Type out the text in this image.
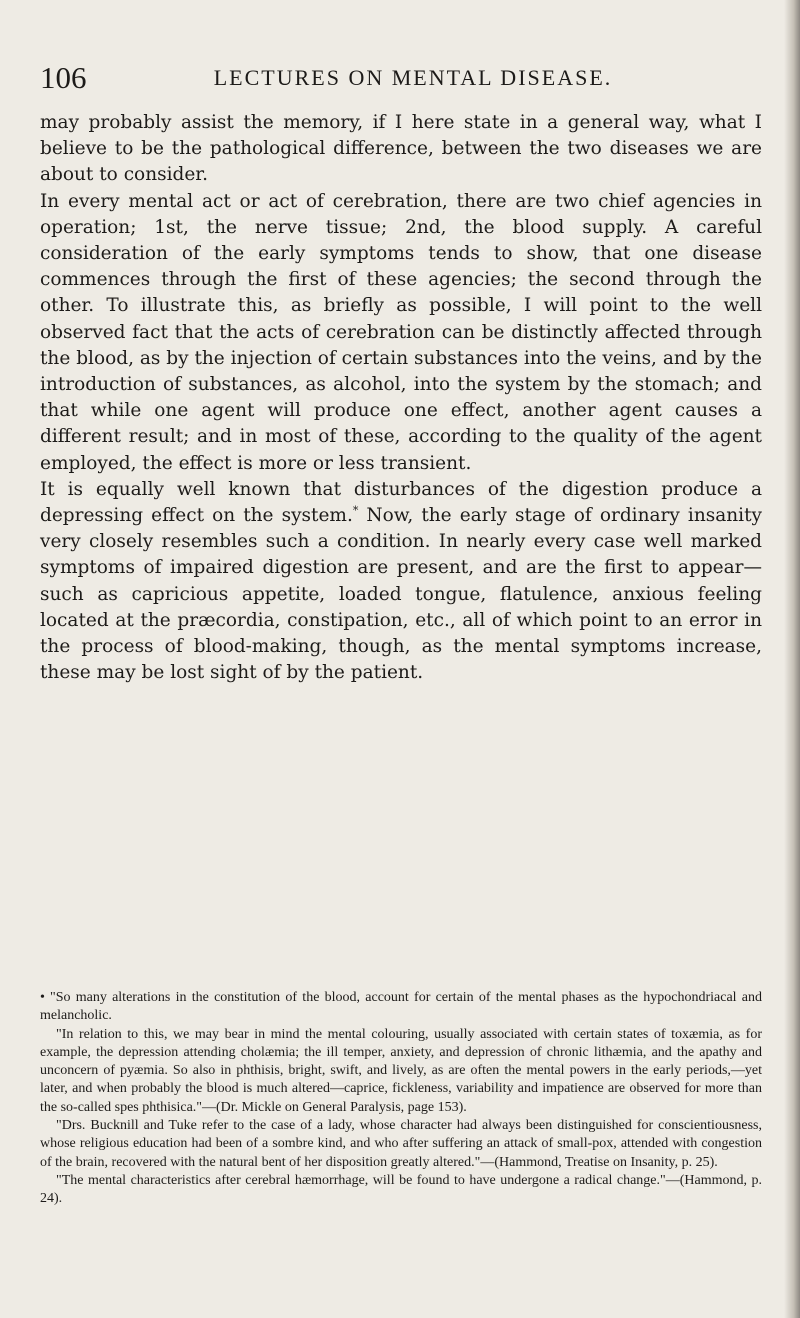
106	LECTURES ON MENTAL DISEASE.

may probably assist the memory, if I here state in a general way, what I believe to be the pathological difference, between the two diseases we are about to consider.

In every mental act or act of cerebration, there are two chief agencies in operation; 1st, the nerve tissue; 2nd, the blood supply. A careful consideration of the early symptoms tends to show, that one disease commences through the first of these agencies; the second through the other. To illustrate this, as briefly as possible, I will point to the well observed fact that the acts of cerebration can be distinctly affected through the blood, as by the injection of certain substances into the veins, and by the introduction of substances, as alcohol, into the system by the stomach; and that while one agent will produce one effect, another agent causes a different result; and in most of these, according to the quality of the agent employed, the effect is more or less transient.

It is equally well known that disturbances of the digestion produce a depressing effect on the system.* Now, the early stage of ordinary insanity very closely resembles such a condition. In nearly every case well marked symptoms of impaired digestion are present, and are the first to appear—such as capricious appetite, loaded tongue, flatulence, anxious feeling located at the præcordia, constipation, etc., all of which point to an error in the process of blood-making, though, as the mental symptoms increase, these may be lost sight of by the patient.

• "So many alterations in the constitution of the blood, account for certain of the mental phases as the hypochondriacal and melancholic.

"In relation to this, we may bear in mind the mental colouring, usually associated with certain states of toxæmia, as for example, the depression attending cholæmia; the ill temper, anxiety, and depression of chronic lithæmia, and the apathy and unconcern of pyæmia. So also in phthisis, bright, swift, and lively, as are often the mental powers in the early periods,—yet later, and when probably the blood is much altered—caprice, fickleness, variability and impatience are observed for more than the so-called spes phthisica."—(Dr. Mickle on General Paralysis, page 153).

"Drs. Bucknill and Tuke refer to the case of a lady, whose character had always been distinguished for conscientiousness, whose religious education had been of a sombre kind, and who after suffering an attack of small-pox, attended with congestion of the brain, recovered with the natural bent of her disposition greatly altered."—(Hammond, Treatise on Insanity, p. 25).

"The mental characteristics after cerebral hæmorrhage, will be found to have undergone a radical change."—(Hammond, p. 24).
